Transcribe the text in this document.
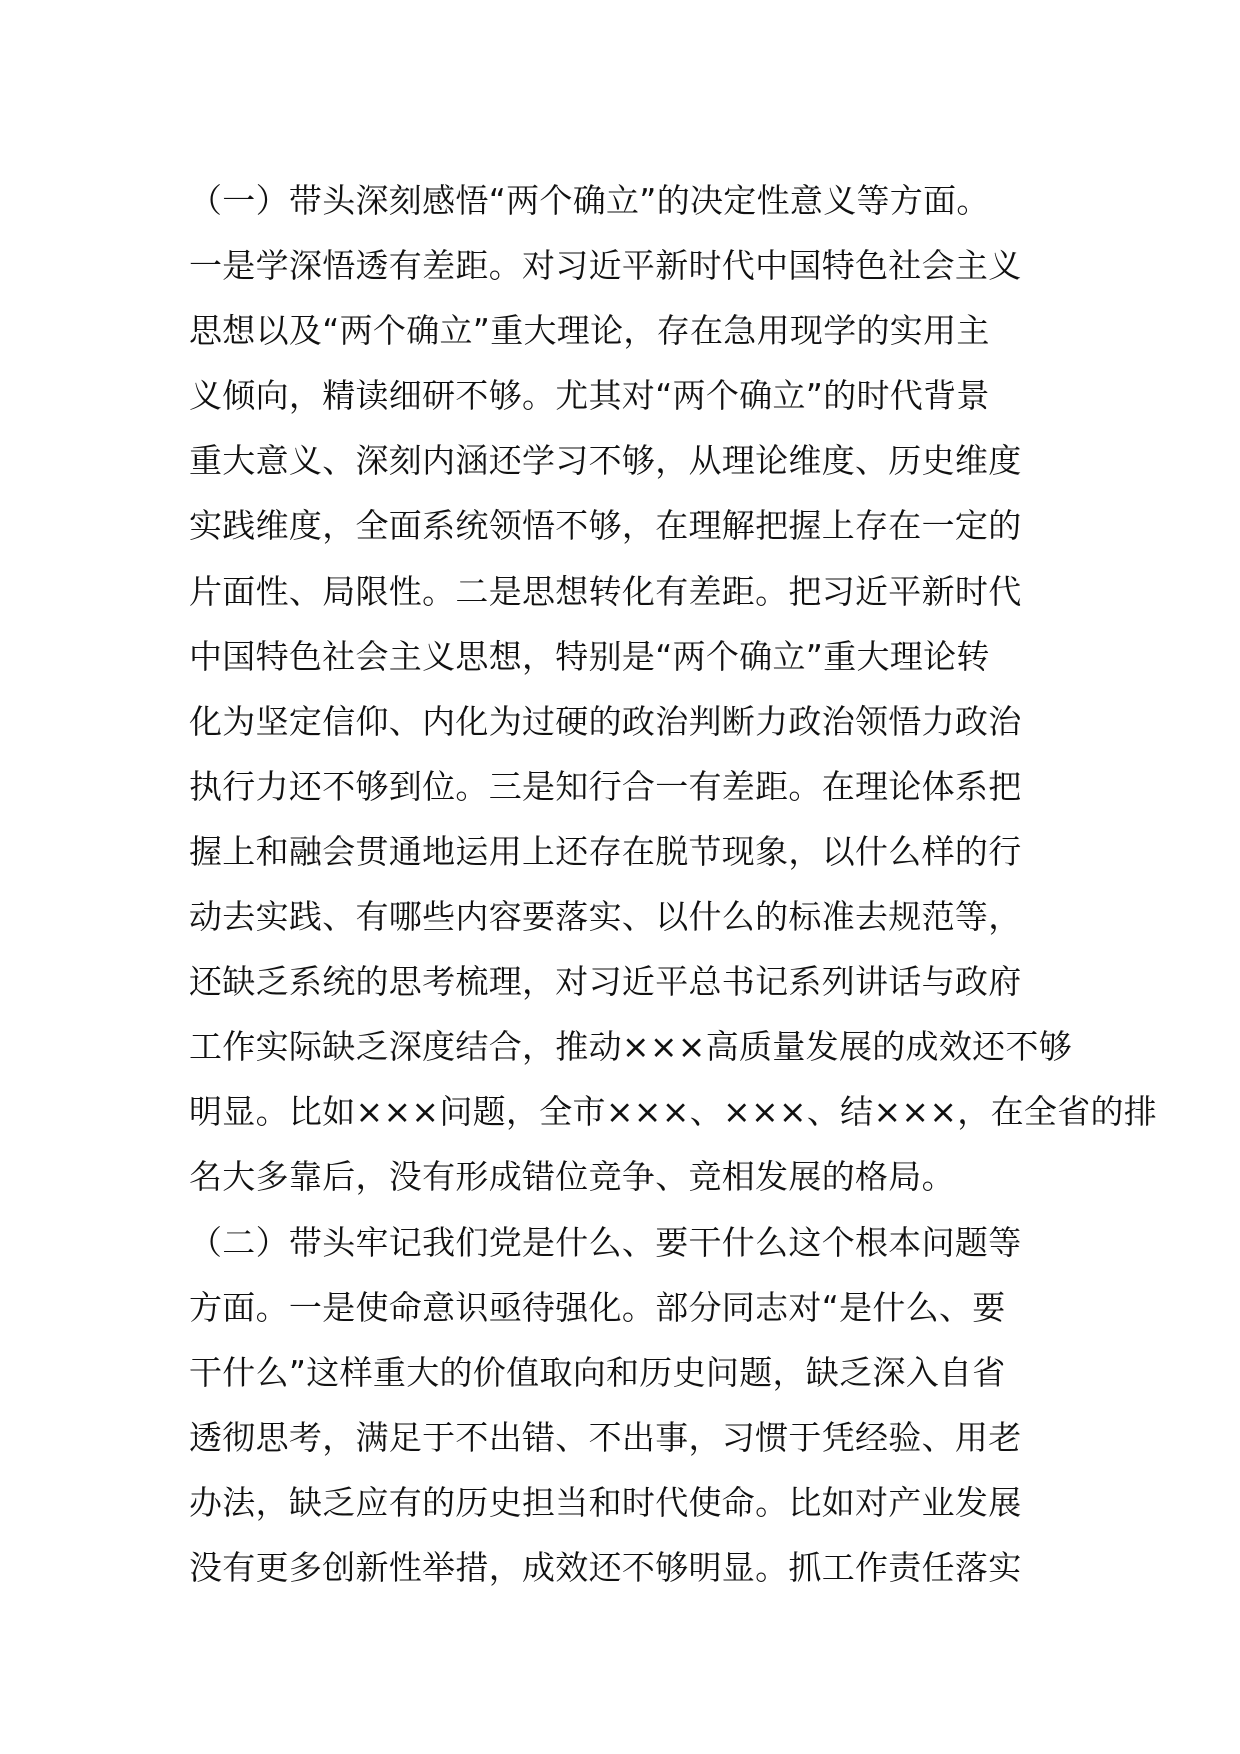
（一）带头深刻感悟“两个确立”的决定性意义等方面。
一是学深悟透有差距。对习近平新时代中国特色社会主义
思想以及“两个确立”重大理论，存在急用现学的实用主
义倾向，精读细研不够。尤其对“两个确立”的时代背景
重大意义、深刻内涵还学习不够，从理论维度、历史维度
实践维度，全面系统领悟不够，在理解把握上存在一定的
片面性、局限性。二是思想转化有差距。把习近平新时代
中国特色社会主义思想，特别是“两个确立”重大理论转
化为坚定信仰、内化为过硬的政治判断力政治领悟力政治
执行力还不够到位。三是知行合一有差距。在理论体系把
握上和融会贯通地运用上还存在脱节现象，以什么样的行
动去实践、有哪些内容要落实、以什么的标准去规范等，
还缺乏系统的思考梳理，对习近平总书记系列讲话与政府
工作实际缺乏深度结合，推动×××高质量发展的成效还不够
明显。比如×××问题，全市×××、×××、结×××，在全省的排
名大多靠后，没有形成错位竞争、竞相发展的格局。
（二）带头牢记我们党是什么、要干什么这个根本问题等
方面。一是使命意识亟待强化。部分同志对“是什么、要
干什么”这样重大的价值取向和历史问题，缺乏深入自省
透彻思考，满足于不出错、不出事，习惯于凭经验、用老
办法，缺乏应有的历史担当和时代使命。比如对产业发展
没有更多创新性举措，成效还不够明显。抓工作责任落实
